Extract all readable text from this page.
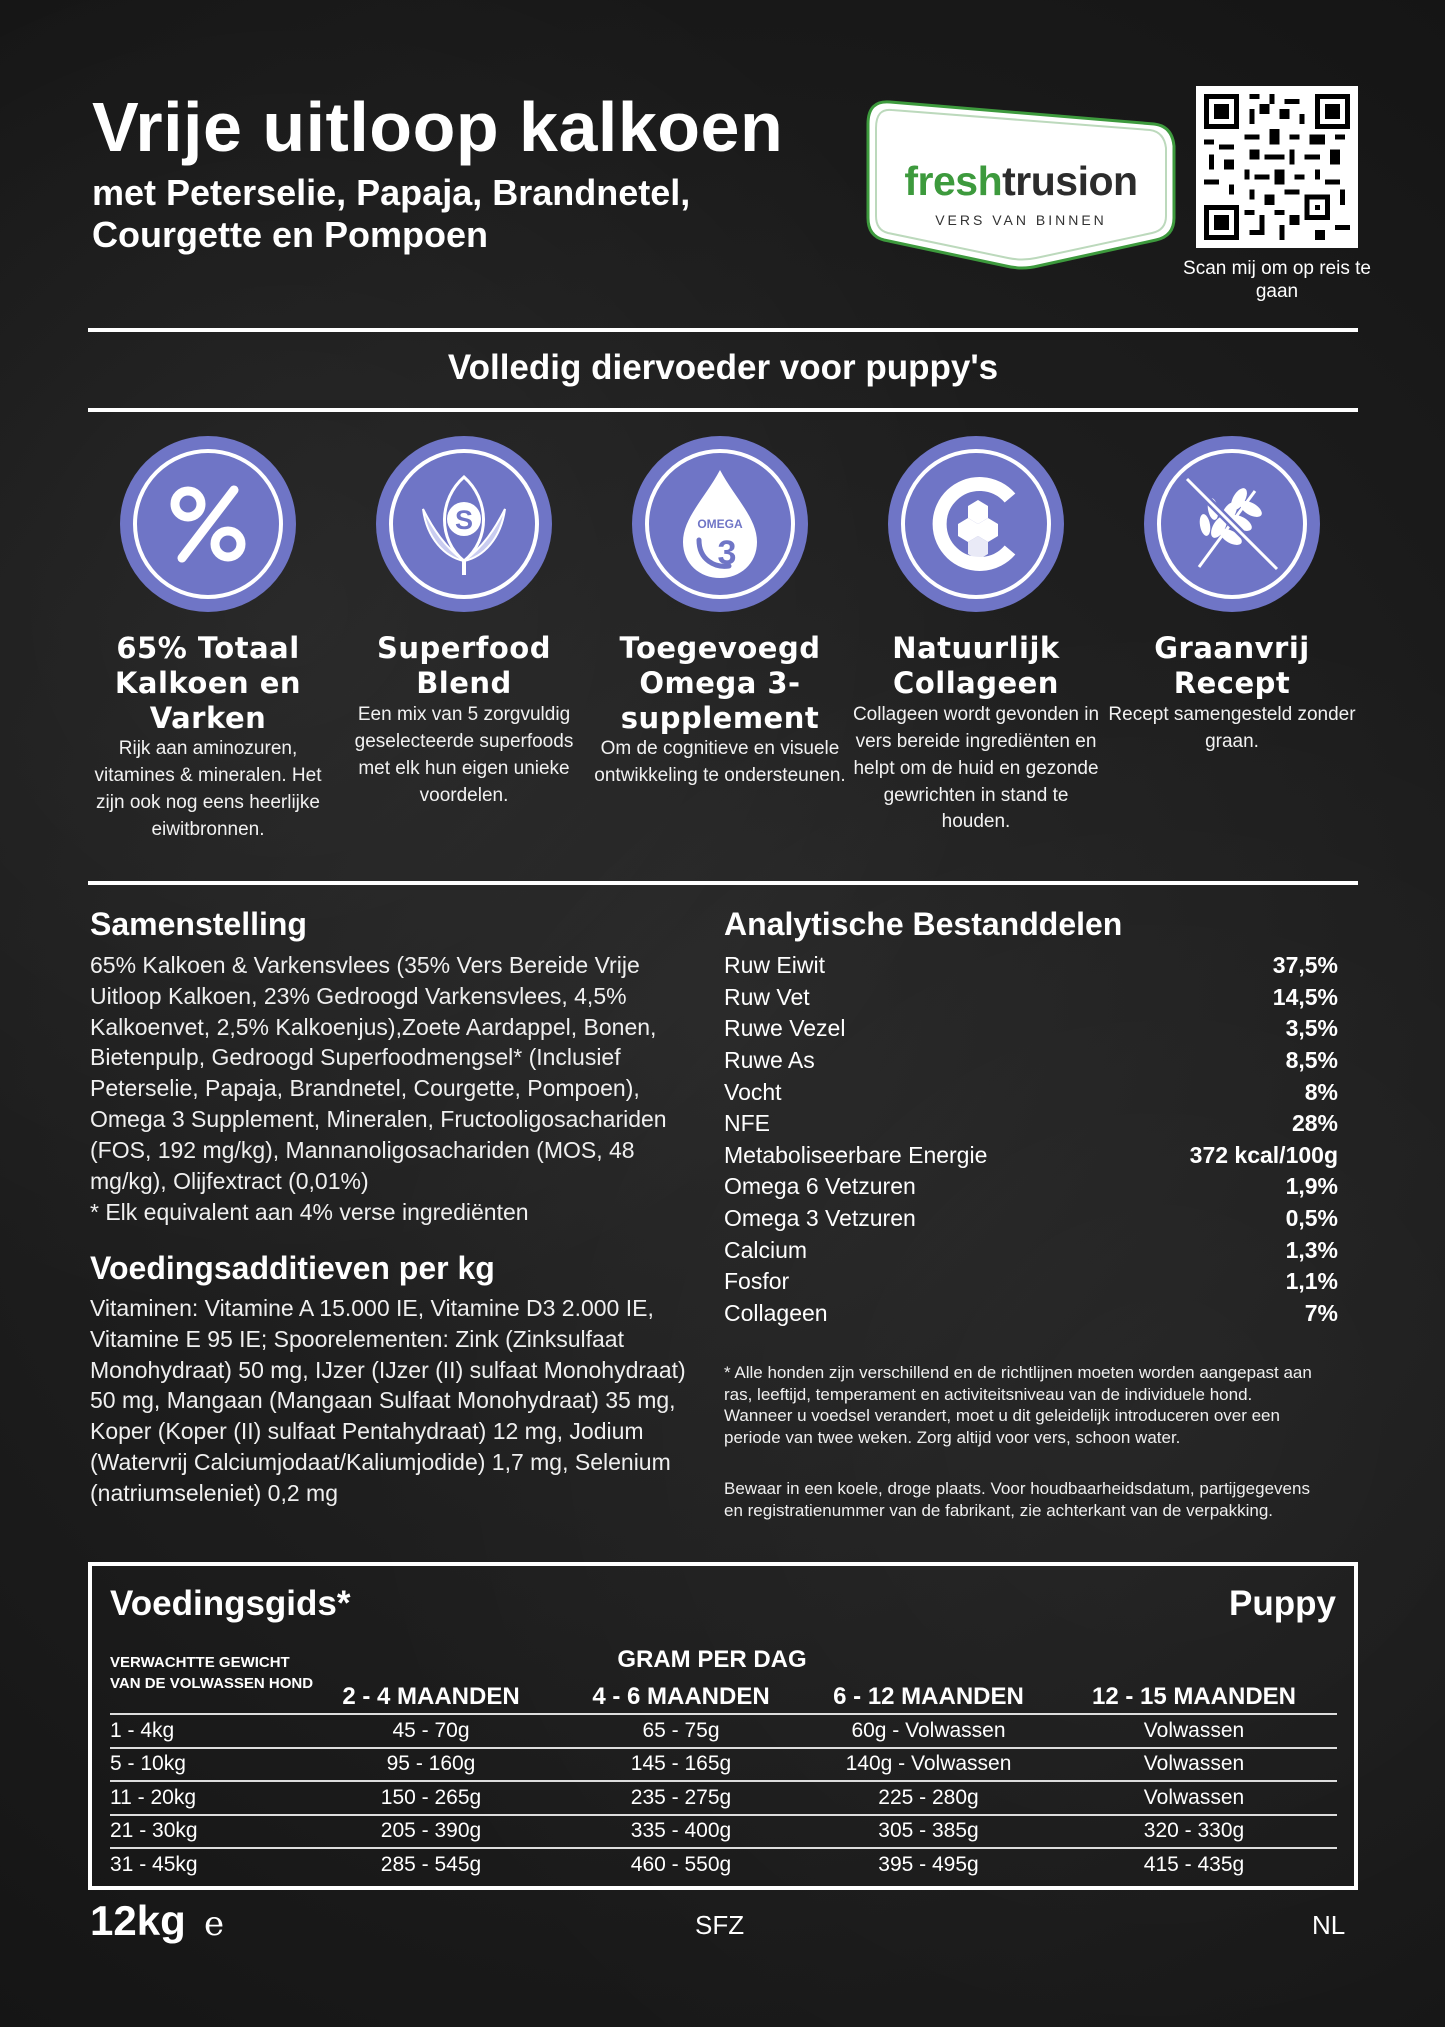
Vrije uitloop kalkoen
met Peterselie, Papaja, Brandnetel, Courgette en Pompoen
freshtrusion
VERS VAN BINNEN
Scan mij om op reis te gaan
Volledig diervoeder voor puppy's
65% Totaal Kalkoen en Varken
Rijk aan aminozuren, vitamines & mineralen. Het zijn ook nog eens heerlijke eiwitbronnen.
S
Superfood Blend
Een mix van 5 zorgvuldig geselecteerde superfoods met elk hun eigen unieke voordelen.
OMEGA
3
Toegevoegd Omega 3-supplement
Om de cognitieve en visuele ontwikkeling te ondersteunen.
Natuurlijk Collageen
Collageen wordt gevonden in vers bereide ingrediënten en helpt om de huid en gezonde gewrichten in stand te houden.
Graanvrij Recept
Recept samengesteld zonder graan.
Samenstelling
65% Kalkoen & Varkensvlees (35% Vers Bereide Vrije Uitloop Kalkoen, 23% Gedroogd Varkensvlees, 4,5% Kalkoenvet, 2,5% Kalkoenjus),Zoete Aardappel, Bonen, Bietenpulp, Gedroogd Superfoodmengsel* (Inclusief Peterselie, Papaja, Brandnetel, Courgette, Pompoen), Omega 3 Supplement, Mineralen, Fructooligosachariden (FOS, 192 mg/kg), Mannanoligosachariden (MOS, 48 mg/kg), Olijfextract (0,01%)
* Elk equivalent aan 4% verse ingrediënten
Voedingsadditieven per kg
Vitaminen: Vitamine A 15.000 IE, Vitamine D3 2.000 IE, Vitamine E 95 IE; Spoorelementen: Zink (Zinksulfaat Monohydraat) 50 mg, IJzer (IJzer (II) sulfaat Monohydraat) 50 mg, Mangaan (Mangaan Sulfaat Monohydraat) 35 mg, Koper (Koper (II) sulfaat Pentahydraat) 12 mg, Jodium (Watervrij Calciumjodaat/Kaliumjodide) 1,7 mg, Selenium (natriumseleniet) 0,2 mg
Analytische Bestanddelen
Ruw Eiwit	37,5%
Ruw Vet	14,5%
Ruwe Vezel	3,5%
Ruwe As	8,5%
Vocht	8%
NFE	28%
Metaboliseerbare Energie	372 kcal/100g
Omega 6 Vetzuren	1,9%
Omega 3 Vetzuren	0,5%
Calcium	1,3%
Fosfor	1,1%
Collageen	7%
* Alle honden zijn verschillend en de richtlijnen moeten worden aangepast aan ras, leeftijd, temperament en activiteitsniveau van de individuele hond. Wanneer u voedsel verandert, moet u dit geleidelijk introduceren over een periode van twee weken. Zorg altijd voor vers, schoon water.
Bewaar in een koele, droge plaats. Voor houdbaarheidsdatum, partijgegevens en registratienummer van de fabrikant, zie achterkant van de verpakking.
Voedingsgids*	Puppy
VERWACHTTE GEWICHT
VAN DE VOLWASSEN HOND
GRAM PER DAG
	2 - 4 MAANDEN	4 - 6 MAANDEN	6 - 12 MAANDEN	12 - 15 MAANDEN
1 - 4kg	45 - 70g	65 - 75g	60g - Volwassen	Volwassen
5 - 10kg	95 - 160g	145 - 165g	140g - Volwassen	Volwassen
11 - 20kg	150 - 265g	235 - 275g	225 - 280g	Volwassen
21 - 30kg	205 - 390g	335 - 400g	305 - 385g	320 - 330g
31 - 45kg	285 - 545g	460 - 550g	395 - 495g	415 - 435g
12kg e	SFZ	NL
